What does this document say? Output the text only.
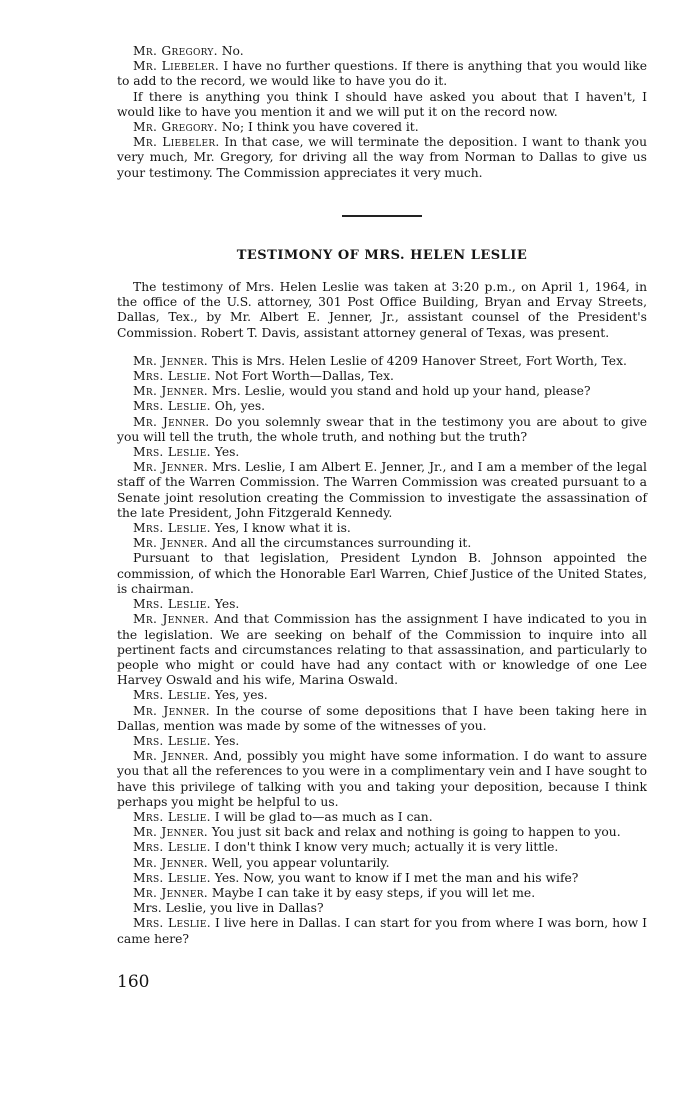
Mr. Gregory. No.

Mr. Liebeler. I have no further questions. If there is anything that you would like to add to the record, we would like to have you do it.

If there is anything you think I should have asked you about that I haven't, I would like to have you mention it and we will put it on the record now.

Mr. Gregory. No; I think you have covered it.

Mr. Liebeler. In that case, we will terminate the deposition. I want to thank you very much, Mr. Gregory, for driving all the way from Norman to Dallas to give us your testimony. The Commission appreciates it very much.

TESTIMONY OF MRS. HELEN LESLIE

The testimony of Mrs. Helen Leslie was taken at 3:20 p.m., on April 1, 1964, in the office of the U.S. attorney, 301 Post Office Building, Bryan and Ervay Streets, Dallas, Tex., by Mr. Albert E. Jenner, Jr., assistant counsel of the President's Commission. Robert T. Davis, assistant attorney general of Texas, was present.

Mr. Jenner. This is Mrs. Helen Leslie of 4209 Hanover Street, Fort Worth, Tex.

Mrs. Leslie. Not Fort Worth—Dallas, Tex.

Mr. Jenner. Mrs. Leslie, would you stand and hold up your hand, please?

Mrs. Leslie. Oh, yes.

Mr. Jenner. Do you solemnly swear that in the testimony you are about to give you will tell the truth, the whole truth, and nothing but the truth?

Mrs. Leslie. Yes.

Mr. Jenner. Mrs. Leslie, I am Albert E. Jenner, Jr., and I am a member of the legal staff of the Warren Commission. The Warren Commission was created pursuant to a Senate joint resolution creating the Commission to investigate the assassination of the late President, John Fitzgerald Kennedy.

Mrs. Leslie. Yes, I know what it is.

Mr. Jenner. And all the circumstances surrounding it.

Pursuant to that legislation, President Lyndon B. Johnson appointed the commission, of which the Honorable Earl Warren, Chief Justice of the United States, is chairman.

Mrs. Leslie. Yes.

Mr. Jenner. And that Commission has the assignment I have indicated to you in the legislation. We are seeking on behalf of the Commission to inquire into all pertinent facts and circumstances relating to that assassination, and particularly to people who might or could have had any contact with or knowledge of one Lee Harvey Oswald and his wife, Marina Oswald.

Mrs. Leslie. Yes, yes.

Mr. Jenner. In the course of some depositions that I have been taking here in Dallas, mention was made by some of the witnesses of you.

Mrs. Leslie. Yes.

Mr. Jenner. And, possibly you might have some information. I do want to assure you that all the references to you were in a complimentary vein and I have sought to have this privilege of talking with you and taking your deposition, because I think perhaps you might be helpful to us.

Mrs. Leslie. I will be glad to—as much as I can.

Mr. Jenner. You just sit back and relax and nothing is going to happen to you.

Mrs. Leslie. I don't think I know very much; actually it is very little.

Mr. Jenner. Well, you appear voluntarily.

Mrs. Leslie. Yes. Now, you want to know if I met the man and his wife?

Mr. Jenner. Maybe I can take it by easy steps, if you will let me.

Mrs. Leslie, you live in Dallas?

Mrs. Leslie. I live here in Dallas. I can start for you from where I was born, how I came here?

160
